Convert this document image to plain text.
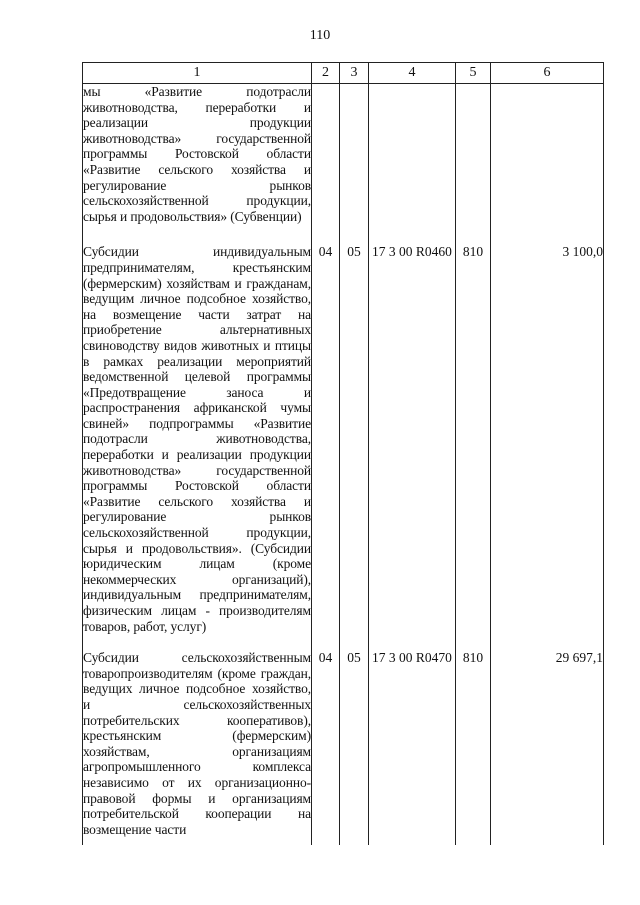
110
1	2	3	4	5	6
мы «Развитие подотрасли животноводства, переработки и реализации продукции животноводства» государственной программы Ростовской области «Развитие сельского хозяйства и регулирование рынков сельскохозяйственной продукции, сырья и продовольствия» (Субвенции)					
Субсидии индивидуальным предпринимателям, крестьянским (фермерским) хозяйствам и гражданам, ведущим личное подсобное хозяйство, на возмещение части затрат на приобретение альтернативных свиноводству видов животных и птицы в рамках реализации мероприятий ведомственной целевой программы «Предотвращение заноса и распространения африканской чумы свиней» подпрограммы «Развитие подотрасли животноводства, переработки и реализации продукции животноводства» государственной программы Ростовской области «Развитие сельского хозяйства и регулирование рынков сельскохозяйственной продукции, сырья и продовольствия». (Субсидии юридическим лицам (кроме некоммерческих организаций), индивидуальным предпринимателям, физическим лицам - производителям товаров, работ, услуг)	04	05	17 3 00 R0460	810	3 100,0
Субсидии сельскохозяйственным товаропроизводителям (кроме граждан, ведущих личное подсобное хозяйство, и сельскохозяйственных потребительских кооперативов), крестьянским (фермерским) хозяйствам, организациям агропромышленного комплекса независимо от их организационно-правовой формы и организациям потребительской кооперации на возмещение части	04	05	17 3 00 R0470	810	29 697,1
